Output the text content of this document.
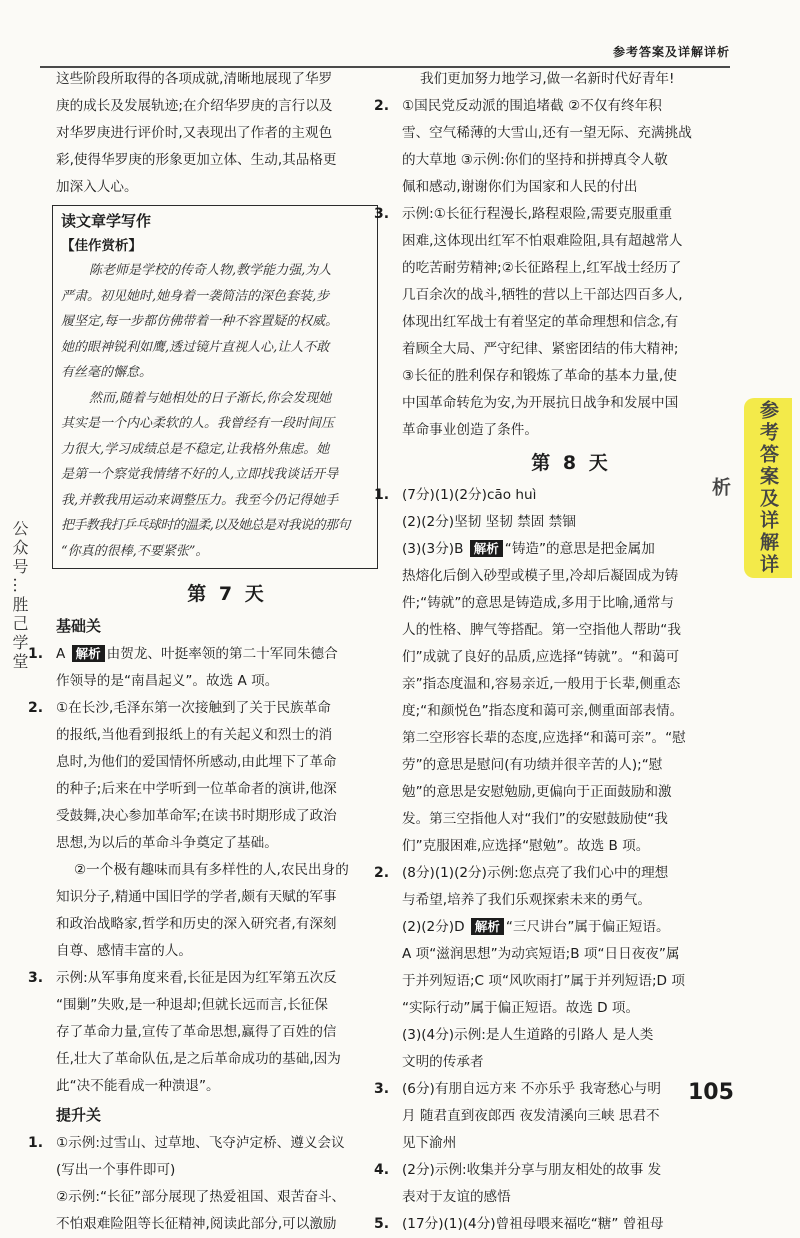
参考答案及详解详析
参考答案及详解详析
公众号…胜己学堂

这些阶段所取得的各项成就,清晰地展现了华罗

庚的成长及发展轨迹;在介绍华罗庚的言行以及

对华罗庚进行评价时,又表现出了作者的主观色

彩,使得华罗庚的形象更加立体、生动,其品格更

加深入人心。

读文章学写作
【佳作赏析】

陈老师是学校的传奇人物,教学能力强,为人

严肃。初见她时,她身着一袭简洁的深色套装,步

履坚定,每一步都仿佛带着一种不容置疑的权威。

她的眼神锐利如鹰,透过镜片直视人心,让人不敢

有丝毫的懈怠。

然而,随着与她相处的日子渐长,你会发现她

其实是一个内心柔软的人。我曾经有一段时间压

力很大,学习成绩总是不稳定,让我格外焦虑。她

是第一个察觉我情绪不好的人,立即找我谈话开导

我,并教我用运动来调整压力。我至今仍记得她手

把手教我打乒乓球时的温柔,以及她总是对我说的那句

“你真的很棒,不要紧张”。

第 7 天
基础关
1. A 解析 由贺龙、叶挺率领的第二十军同朱德合

作领导的是“南昌起义”。故选 A 项。

2. ①在长沙,毛泽东第一次接触到了关于民族革命

的报纸,当他看到报纸上的有关起义和烈士的消

息时,为他们的爱国情怀所感动,由此埋下了革命

的种子;后来在中学听到一位革命者的演讲,他深

受鼓舞,决心参加革命军;在读书时期形成了政治

思想,为以后的革命斗争奠定了基础。

②一个极有趣味而具有多样性的人,农民出身的

知识分子,精通中国旧学的学者,颇有天赋的军事

和政治战略家,哲学和历史的深入研究者,有深刻

自尊、感情丰富的人。

3. 示例:从军事角度来看,长征是因为红军第五次反

“围剿”失败,是一种退却;但就长远而言,长征保

存了革命力量,宣传了革命思想,赢得了百姓的信

任,壮大了革命队伍,是之后革命成功的基础,因为

此“决不能看成一种溃退”。

提升关
1. ①示例:过雪山、过草地、飞夺泸定桥、遵义会议

(写出一个事件即可)

②示例:“长征”部分展现了热爱祖国、艰苦奋斗、

不怕艰难险阻等长征精神,阅读此部分,可以激励

我们更加努力地学习,做一名新时代好青年!

2. ①国民党反动派的围追堵截 ②不仅有终年积

雪、空气稀薄的大雪山,还有一望无际、充满挑战

的大草地 ③示例:你们的坚持和拼搏真令人敬

佩和感动,谢谢你们为国家和人民的付出

3. 示例:①长征行程漫长,路程艰险,需要克服重重

困难,这体现出红军不怕艰难险阻,具有超越常人

的吃苦耐劳精神;②长征路程上,红军战士经历了

几百余次的战斗,牺牲的营以上干部达四百多人,

体现出红军战士有着坚定的革命理想和信念,有

着顾全大局、严守纪律、紧密团结的伟大精神;

③长征的胜利保存和锻炼了革命的基本力量,使

中国革命转危为安,为开展抗日战争和发展中国

革命事业创造了条件。

第 8 天
1. (7分)(1)(2分)cāo huì

(2)(2分)坚韧 坚韧 禁固 禁锢

(3)(3分)B 解析 “铸造”的意思是把金属加

热熔化后倒入砂型或模子里,冷却后凝固成为铸

件;“铸就”的意思是铸造成,多用于比喻,通常与

人的性格、脾气等搭配。第一空指他人帮助“我

们”成就了良好的品质,应选择“铸就”。“和蔼可

亲”指态度温和,容易亲近,一般用于长辈,侧重态

度;“和颜悦色”指态度和蔼可亲,侧重面部表情。

第二空形容长辈的态度,应选择“和蔼可亲”。“慰

劳”的意思是慰问(有功绩并很辛苦的人);“慰

勉”的意思是安慰勉励,更偏向于正面鼓励和激

发。第三空指他人对“我们”的安慰鼓励使“我

们”克服困难,应选择“慰勉”。故选 B 项。

2. (8分)(1)(2分)示例:您点亮了我们心中的理想

与希望,培养了我们乐观探索未来的勇气。

(2)(2分)D 解析 “三尺讲台”属于偏正短语。

A 项“滋润思想”为动宾短语;B 项“日日夜夜”属

于并列短语;C 项“风吹雨打”属于并列短语;D 项

“实际行动”属于偏正短语。故选 D 项。

(3)(4分)示例:是人生道路的引路人 是人类

文明的传承者

3. (6分)有朋自远方来 不亦乐乎 我寄愁心与明

月 随君直到夜郎西 夜发清溪向三峡 思君不

见下渝州

4. (2分)示例:收集并分享与朋友相处的故事 发

表对于友谊的感悟

5. (17分)(1)(4分)曾祖母喂来福吃“糖” 曾祖母

105
